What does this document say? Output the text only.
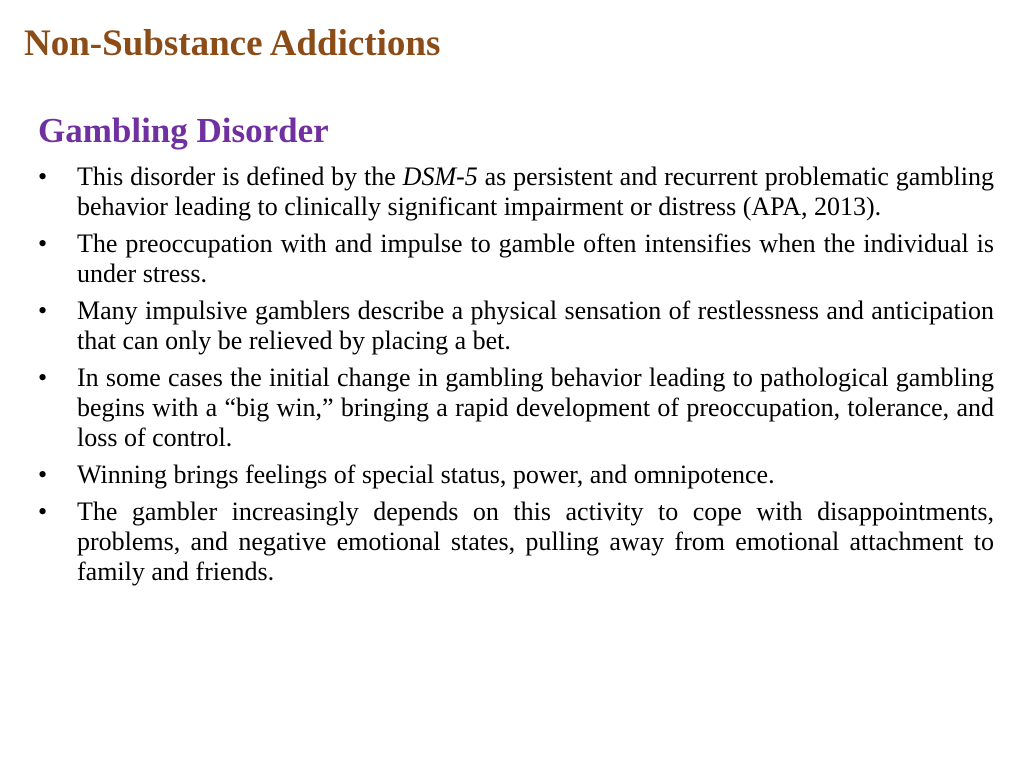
Non-Substance Addictions
Gambling Disorder
•	This disorder is defined by the DSM-5 as persistent and recurrent problematic gambling behavior leading to clinically significant impairment or distress (APA, 2013).
•	The preoccupation with and impulse to gamble often intensifies when the individual is under stress.
•	Many impulsive gamblers describe a physical sensation of restlessness and anticipation that can only be relieved by placing a bet.
•	In some cases the initial change in gambling behavior leading to pathological gambling begins with a “big win,” bringing a rapid development of preoccupation, tolerance, and loss of control.
•	Winning brings feelings of special status, power, and omnipotence.
•	The gambler increasingly depends on this activity to cope with disappointments, problems, and negative emotional states, pulling away from emotional attachment to family and friends.
